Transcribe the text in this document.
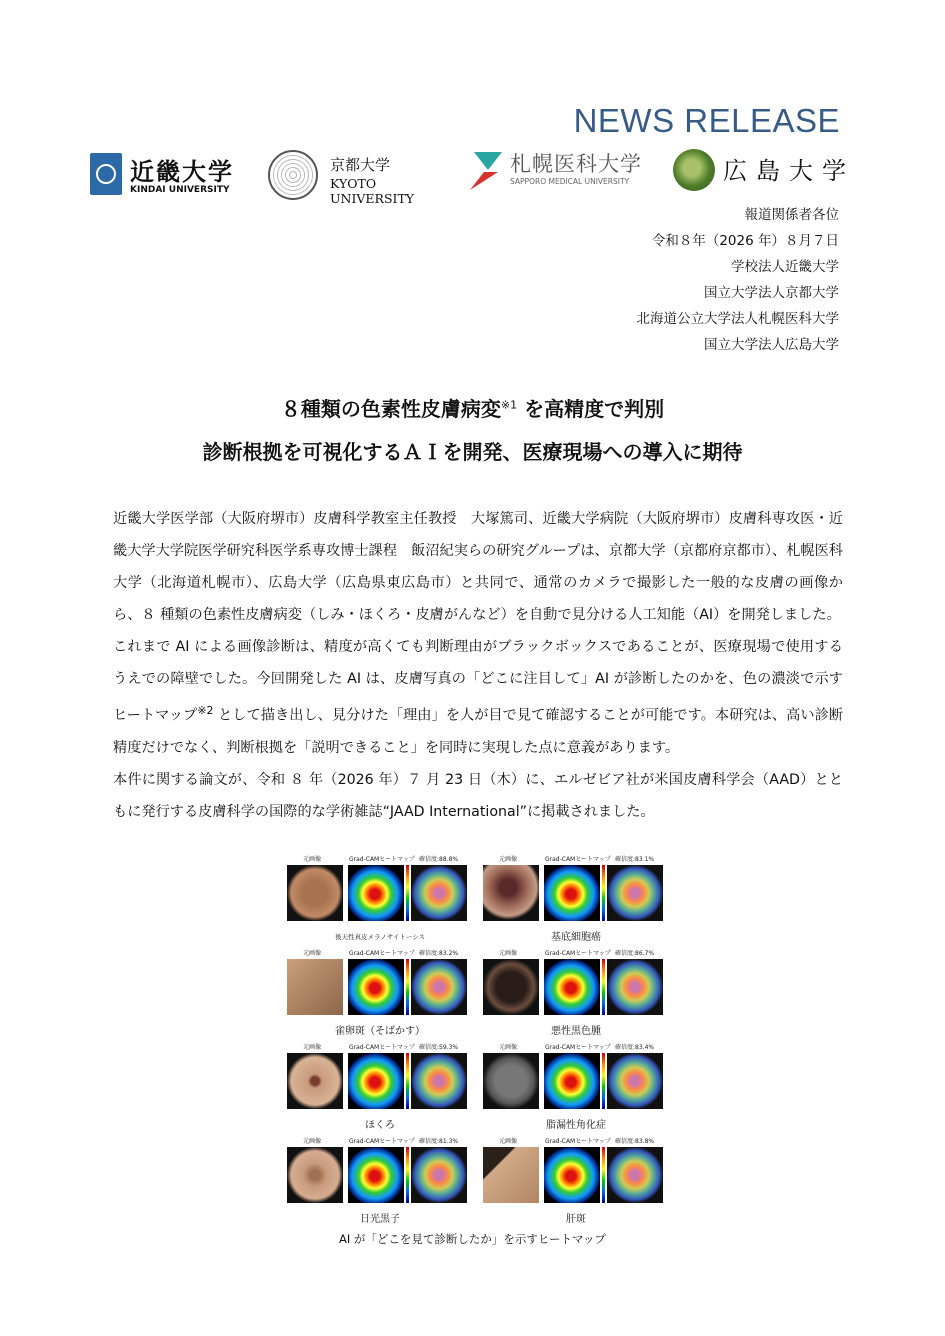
NEWS RELEASE
近畿大学
KINDAI UNIVERSITY
京都大学
KYOTO UNIVERSITY
札幌医科大学
SAPPORO MEDICAL UNIVERSITY	広島大学
報道関係者各位
令和８年（2026 年）８月７日
学校法人近畿大学
国立大学法人京都大学
北海道公立大学法人札幌医科大学
国立大学法人広島大学
８種類の色素性皮膚病変$^{※1}$ を高精度で判別
診断根拠を可視化するＡＩを開発、医療現場への導入に期待

近畿大学医学部（大阪府堺市）皮膚科学教室主任教授　大塚篤司、近畿大学病院（大阪府堺市）皮膚科専攻医・近畿大学大学院医学研究科医学系専攻博士課程　飯沼紀実らの研究グループは、京都大学（京都府京都市）、札幌医科大学（北海道札幌市）、広島大学（広島県東広島市）と共同で、通常のカメラで撮影した一般的な皮膚の画像から、８ 種類の色素性皮膚病変（しみ・ほくろ・皮膚がんなど）を自動で見分ける人工知能（AI）を開発しました。

これまで AI による画像診断は、精度が高くても判断理由がブラックボックスであることが、医療現場で使用するうえでの障壁でした。今回開発した AI は、皮膚写真の「どこに注目して」AI が診断したのかを、色の濃淡で示すヒートマップ$^{※2}$ として描き出し、見分けた「理由」を人が目で見て確認することが可能です。本研究は、高い診断精度だけでなく、判断根拠を「説明できること」を同時に実現した点に意義があります。

本件に関する論文が、令和 ８ 年（2026 年）７ 月 23 日（木）に、エルゼビア社が米国皮膚科学会（AAD）とともに発行する皮膚科学の国際的な学術雑誌“JAAD International”に掲載されました。

元画像	Grad-CAMヒートマップ 確信度:88.8%
後天性真皮メラノサイトーシス
元画像	Grad-CAMヒートマップ 確信度:83.1%
基底細胞癌
元画像	Grad-CAMヒートマップ 確信度:83.2%
雀卵斑（そばかす）
元画像	Grad-CAMヒートマップ 確信度:86.7%
悪性黒色腫
元画像	Grad-CAMヒートマップ 確信度:59.3%
ほくろ
元画像	Grad-CAMヒートマップ 確信度:83.4%
脂漏性角化症
元画像	Grad-CAMヒートマップ 確信度:81.3%
日光黒子
元画像	Grad-CAMヒートマップ 確信度:83.8%
肝斑
AI が「どこを見て診断したか」を示すヒートマップ
